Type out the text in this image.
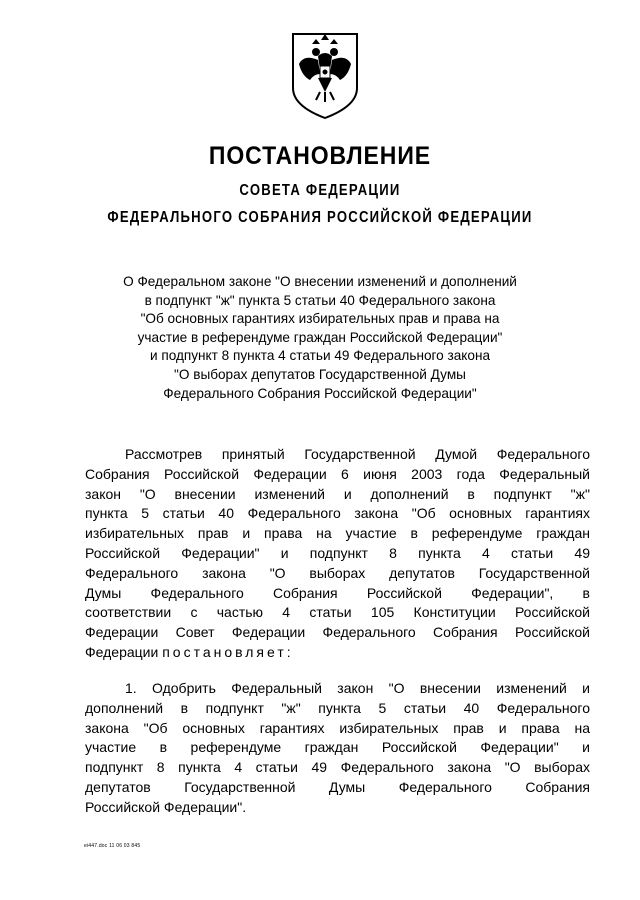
ПОСТАНОВЛЕНИЕ
СОВЕТА ФЕДЕРАЦИИ
ФЕДЕРАЛЬНОГО СОБРАНИЯ РОССИЙСКОЙ ФЕДЕРАЦИИ
О Федеральном законе "О внесении изменений и дополнений
в подпункт "ж" пункта 5 статьи 40 Федерального закона
"Об основных гарантиях избирательных прав и права на
участие в референдуме граждан Российской Федерации"
и подпункт 8 пункта 4 статьи 49 Федерального закона
"О выборах депутатов Государственной Думы
Федерального Собрания Российской Федерации"
Рассмотрев принятый Государственной Думой Федерального
Собрания Российской Федерации 6 июня 2003 года Федеральный
закон "О внесении изменений и дополнений в подпункт "ж"
пункта 5 статьи 40 Федерального закона "Об основных гарантиях
избирательных прав и права на участие в референдуме граждан
Российской Федерации" и подпункт 8 пункта 4 статьи 49
Федерального закона "О выборах депутатов Государственной
Думы Федерального Собрания Российской Федерации", в
соответствии с частью 4 статьи 105 Конституции Российской
Федерации Совет Федерации Федерального Собрания Российской
Федерации постановляет:
1. Одобрить Федеральный закон "О внесении изменений и
дополнений в подпункт "ж" пункта 5 статьи 40 Федерального
закона "Об основных гарантиях избирательных прав и права на
участие в референдуме граждан Российской Федерации" и
подпункт 8 пункта 4 статьи 49 Федерального закона "О выборах
депутатов Государственной Думы Федерального Собрания
Российской Федерации".
ei447.doc 11 06 03 845
